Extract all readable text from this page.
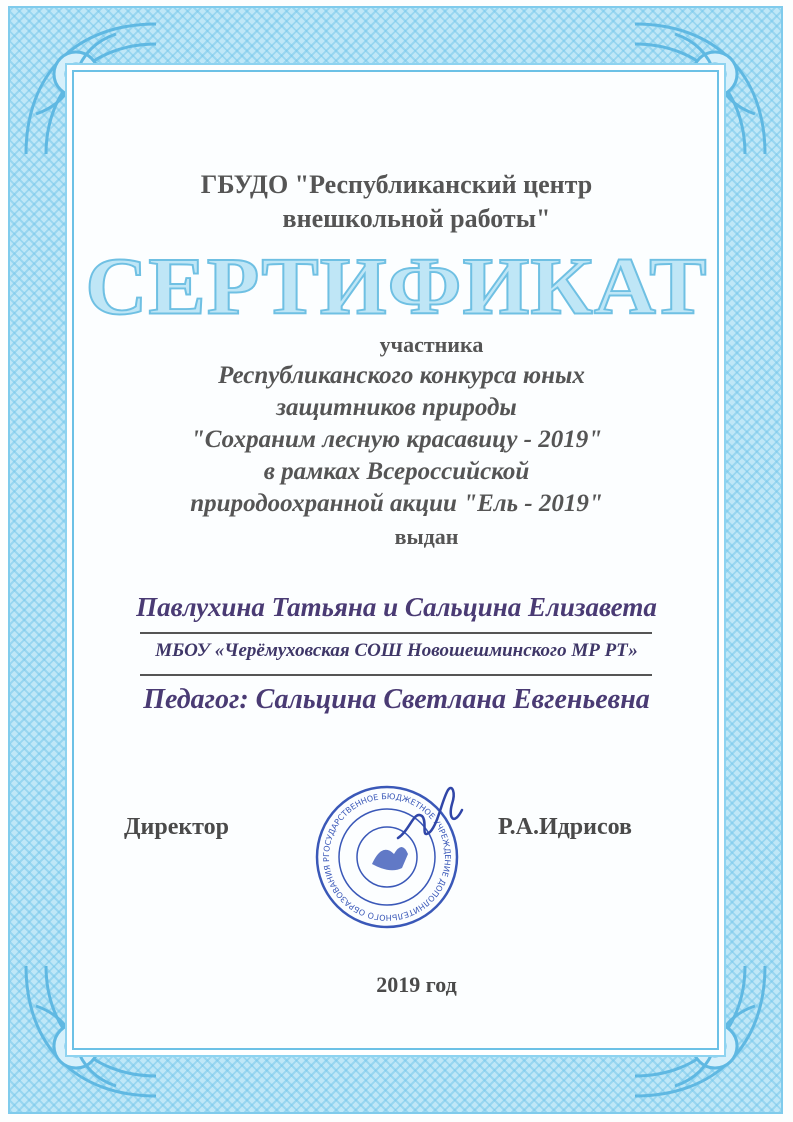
ГБУДО "Республиканский центр
внешкольной работы"
СЕРТИФИКАТ
участника
Республиканского конкурса юных
защитников природы
"Сохраним лесную красавицу - 2019"
в рамках Всероссийской
природоохранной акции "Ель - 2019"
выдан
Павлухина Татьяна и Сальцина Елизавета
МБОУ «Черёмуховская СОШ Новошешминского МР РТ»
Педагог: Сальцина Светлана Евгеньевна
Директор	Р.А.Идрисов
ГОСУДАРСТВЕННОЕ БЮДЖЕТНОЕ УЧРЕЖДЕНИЕ ДОПОЛНИТЕЛЬНОГО ОБРАЗОВАНИЯ Р
2019 год
